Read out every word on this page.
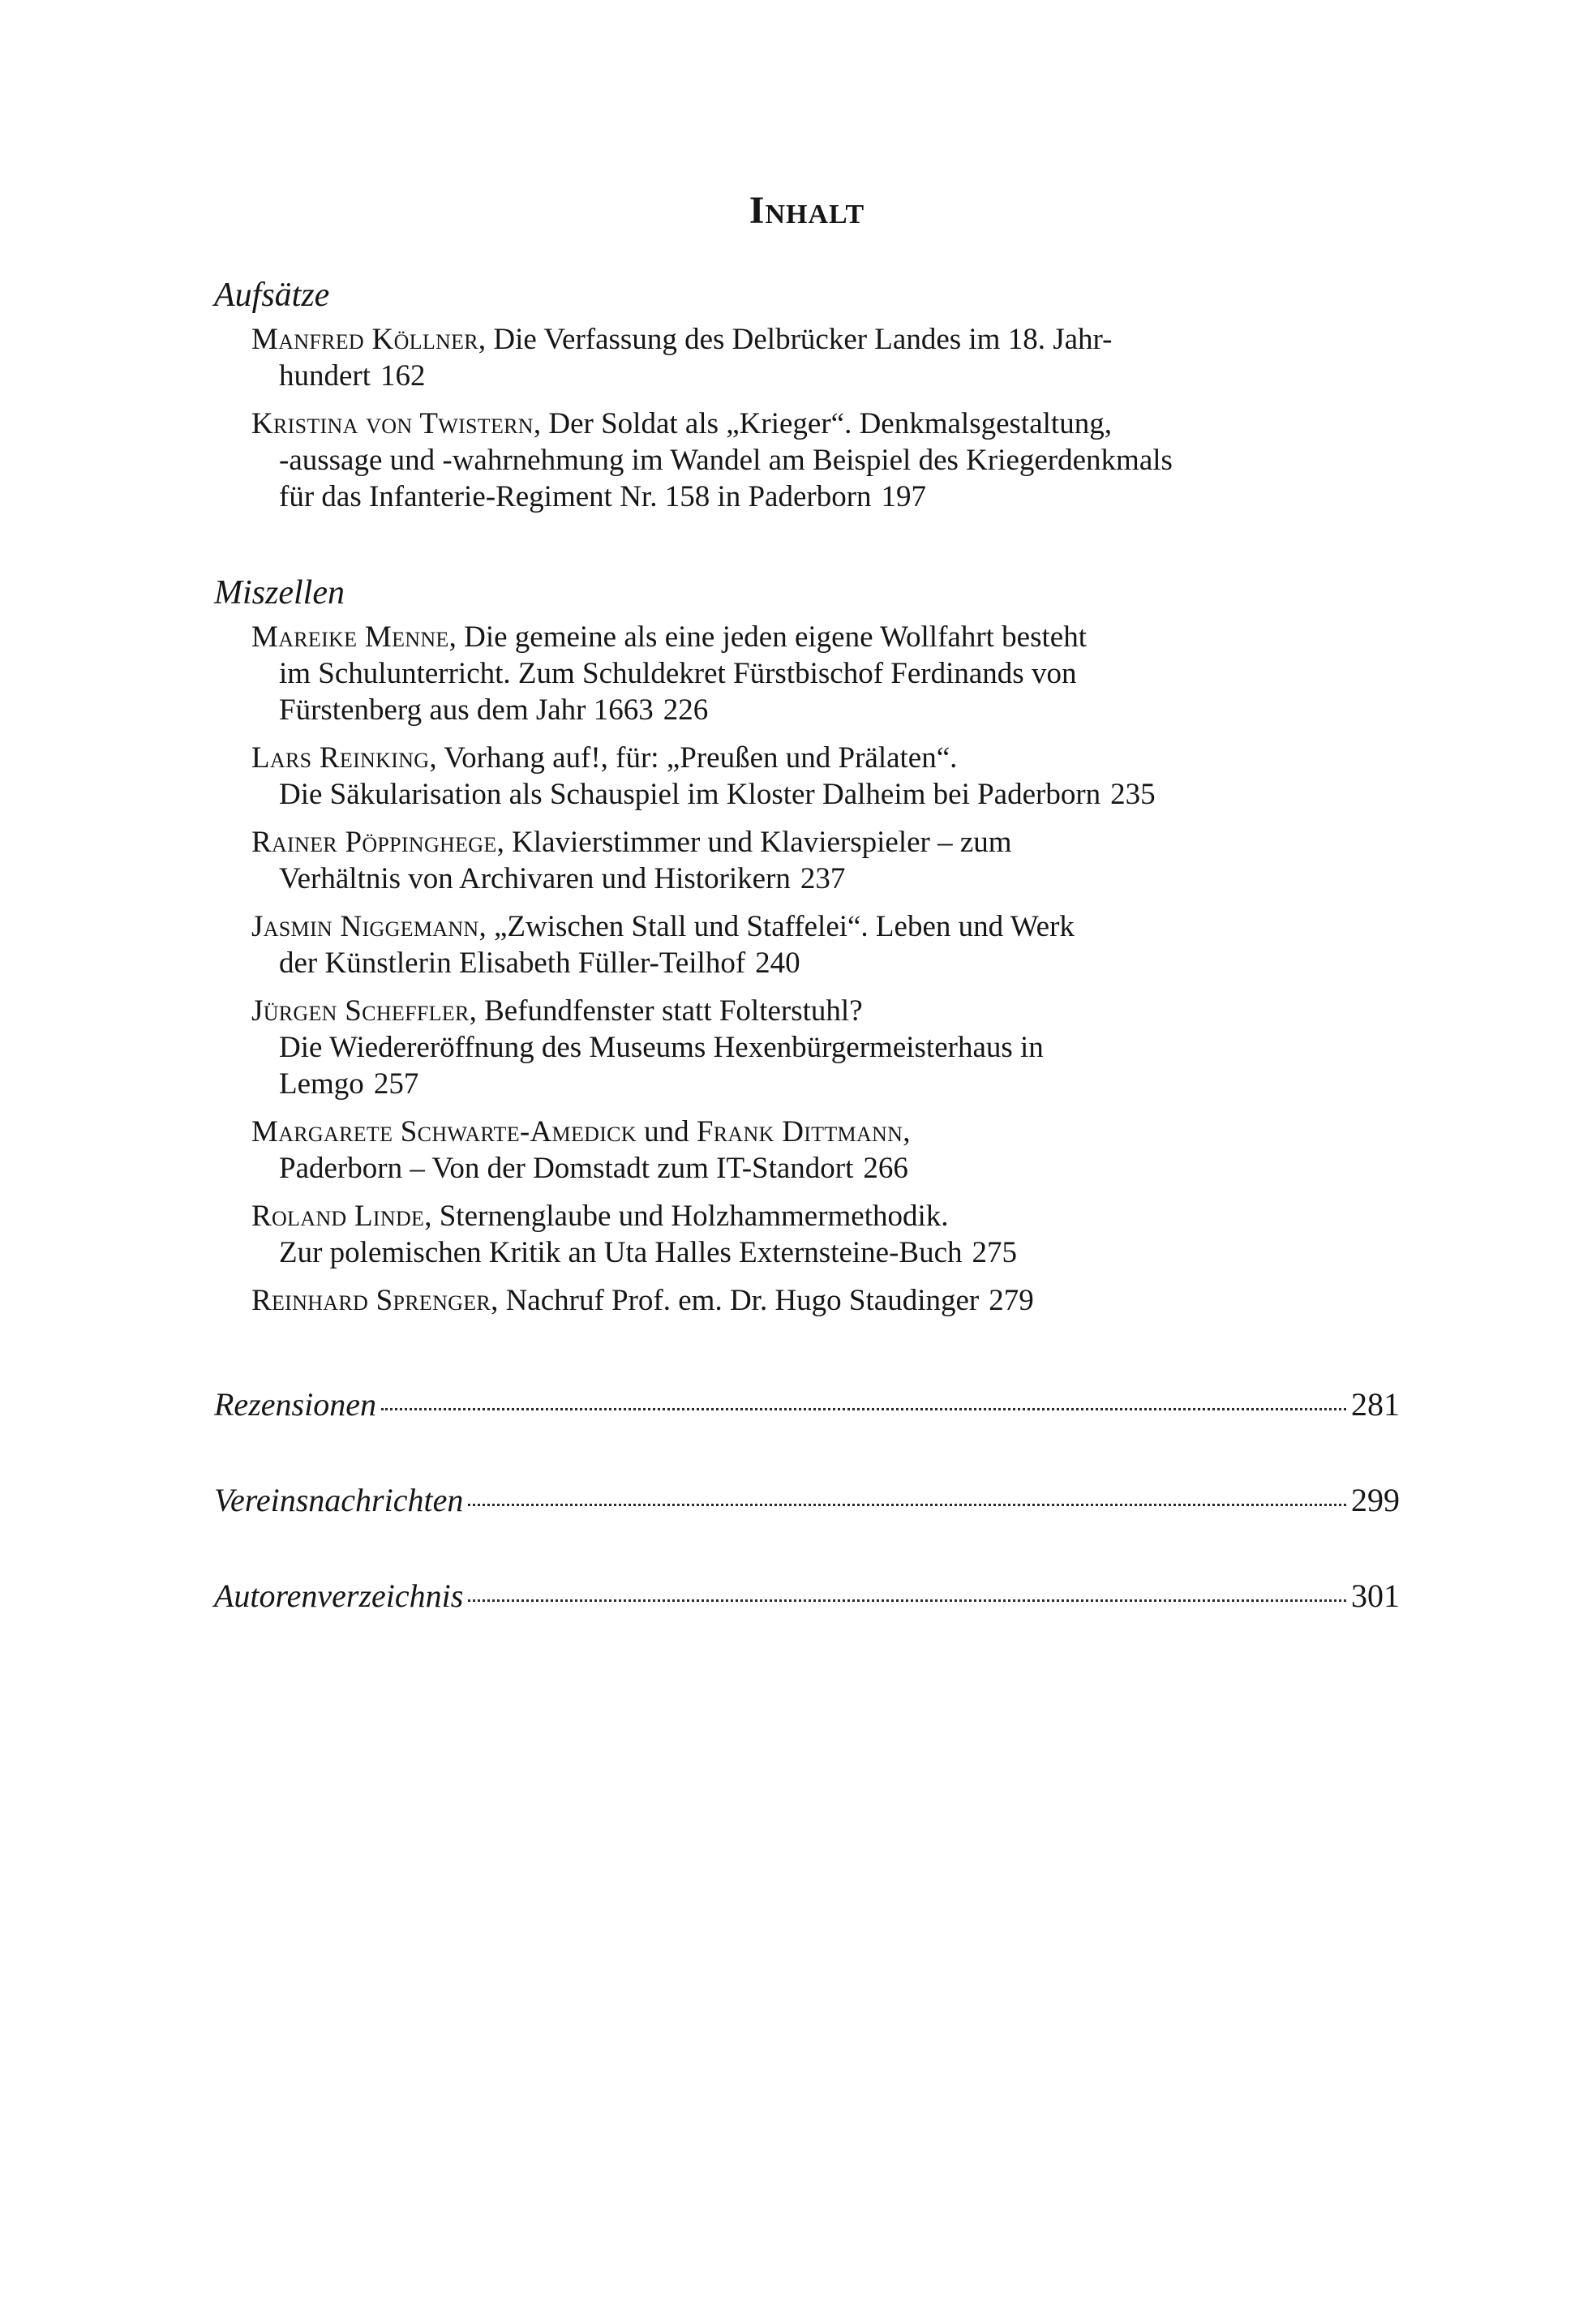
Inhalt
Aufsätze
Manfred Köllner, Die Verfassung des Delbrücker Landes im 18. Jahr-
hundert 162
Kristina von Twistern, Der Soldat als „Krieger“. Denkmalsgestaltung,
-aussage und -wahrnehmung im Wandel am Beispiel des Kriegerdenkmals
für das Infanterie-Regiment Nr. 158 in Paderborn 197
Miszellen
Mareike Menne, Die gemeine als eine jeden eigene Wollfahrt besteht
im Schulunterricht. Zum Schuldekret Fürstbischof Ferdinands von
Fürstenberg aus dem Jahr 1663 226
Lars Reinking, Vorhang auf!, für: „Preußen und Prälaten“.
Die Säkularisation als Schauspiel im Kloster Dalheim bei Paderborn 235
Rainer Pöppinghege, Klavierstimmer und Klavierspieler – zum
Verhältnis von Archivaren und Historikern 237
Jasmin Niggemann, „Zwischen Stall und Staffelei“. Leben und Werk
der Künstlerin Elisabeth Füller-Teilhof 240
Jürgen Scheffler, Befundfenster statt Folterstuhl?
Die Wiedereröffnung des Museums Hexenbürgermeisterhaus in
Lemgo 257
Margarete Schwarte-Amedick und Frank Dittmann,
Paderborn – Von der Domstadt zum IT-Standort 266
Roland Linde, Sternenglaube und Holzhammermethodik.
Zur polemischen Kritik an Uta Halles Externsteine-Buch 275
Reinhard Sprenger, Nachruf Prof. em. Dr. Hugo Staudinger 279
Rezensionen	281
Vereinsnachrichten	299
Autorenverzeichnis	301
